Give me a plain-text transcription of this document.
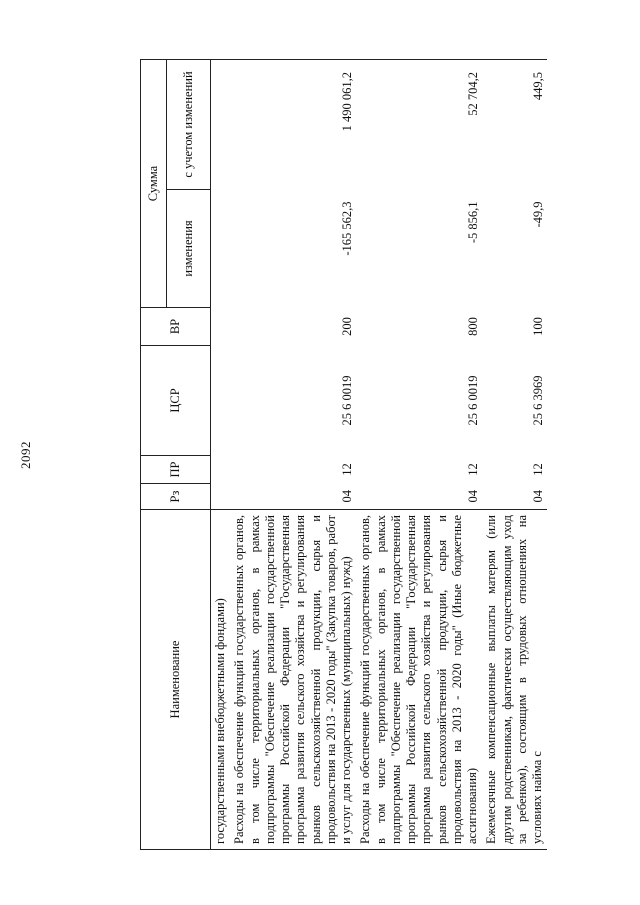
2092
Наименование	Рз	ПР	ЦСР	ВР	Сумма	
					изменения	с учетом изменений
государственными внебюджетными фондами)						
Расходы на обеспечение функций государственных органов, в том числе территориальных органов, в рамках подпрограммы "Обеспечение реализации государственной программы Российской Федерации "Государственная программа развития сельского хозяйства и регулирования рынков сельскохозяйственной продукции, сырья и продовольствия на 2013 - 2020 годы" (Закупка товаров, работ и услуг для государственных (муниципальных) нужд)	04	12	25 6 0019	200	-165 562,3	1 490 061,2
Расходы на обеспечение функций государственных органов, в том числе территориальных органов, в рамках подпрограммы "Обеспечение реализации государственной программы Российской Федерации "Государственная программа развития сельского хозяйства и регулирования рынков сельскохозяйственной продукции, сырья и продовольствия на 2013 - 2020 годы" (Иные бюджетные ассигнования)	04	12	25 6 0019	800	-5 856,1	52 704,2
Ежемесячные компенсационные выплаты матерям (или другим родственникам, фактически осуществляющим уход за ребенком), состоящим в трудовых отношениях на условиях найма с	04	12	25 6 3969	100	-49,9	449,5
